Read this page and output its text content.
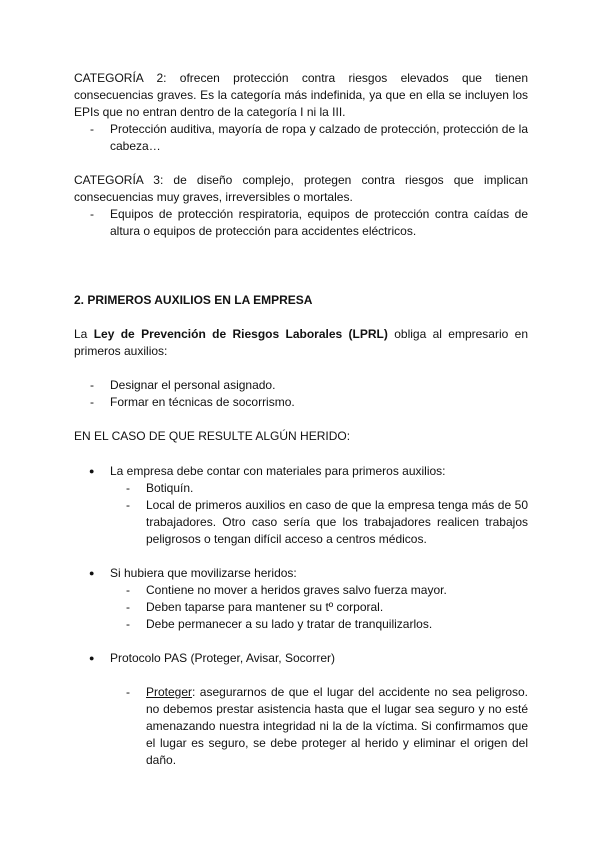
CATEGORÍA 2: ofrecen protección contra riesgos elevados que tienen consecuencias graves. Es la categoría más indefinida, ya que en ella se incluyen los EPIs que no entran dentro de la categoría I ni la III.

- Protección auditiva, mayoría de ropa y calzado de protección, protección de la cabeza…

CATEGORÍA 3: de diseño complejo, protegen contra riesgos que implican consecuencias muy graves, irreversibles o mortales.

- Equipos de protección respiratoria, equipos de protección contra caídas de altura o equipos de protección para accidentes eléctricos.

2. PRIMEROS AUXILIOS EN LA EMPRESA

La Ley de Prevención de Riesgos Laborales (LPRL) obliga al empresario en primeros auxilios:

- Designar el personal asignado.
- Formar en técnicas de socorrismo.

EN EL CASO DE QUE RESULTE ALGÚN HERIDO:

● La empresa debe contar con materiales para primeros auxilios:
- Botiquín.
- Local de primeros auxilios en caso de que la empresa tenga más de 50 trabajadores. Otro caso sería que los trabajadores realicen trabajos peligrosos o tengan difícil acceso a centros médicos.
● Si hubiera que movilizarse heridos:
- Contiene no mover a heridos graves salvo fuerza mayor.
- Deben taparse para mantener su tº corporal.
- Debe permanecer a su lado y tratar de tranquilizarlos.
● Protocolo PAS (Proteger, Avisar, Socorrer)
- Proteger: asegurarnos de que el lugar del accidente no sea peligroso. no debemos prestar asistencia hasta que el lugar sea seguro y no esté amenazando nuestra integridad ni la de la víctima. Si confirmamos que el lugar es seguro, se debe proteger al herido y eliminar el origen del daño.
